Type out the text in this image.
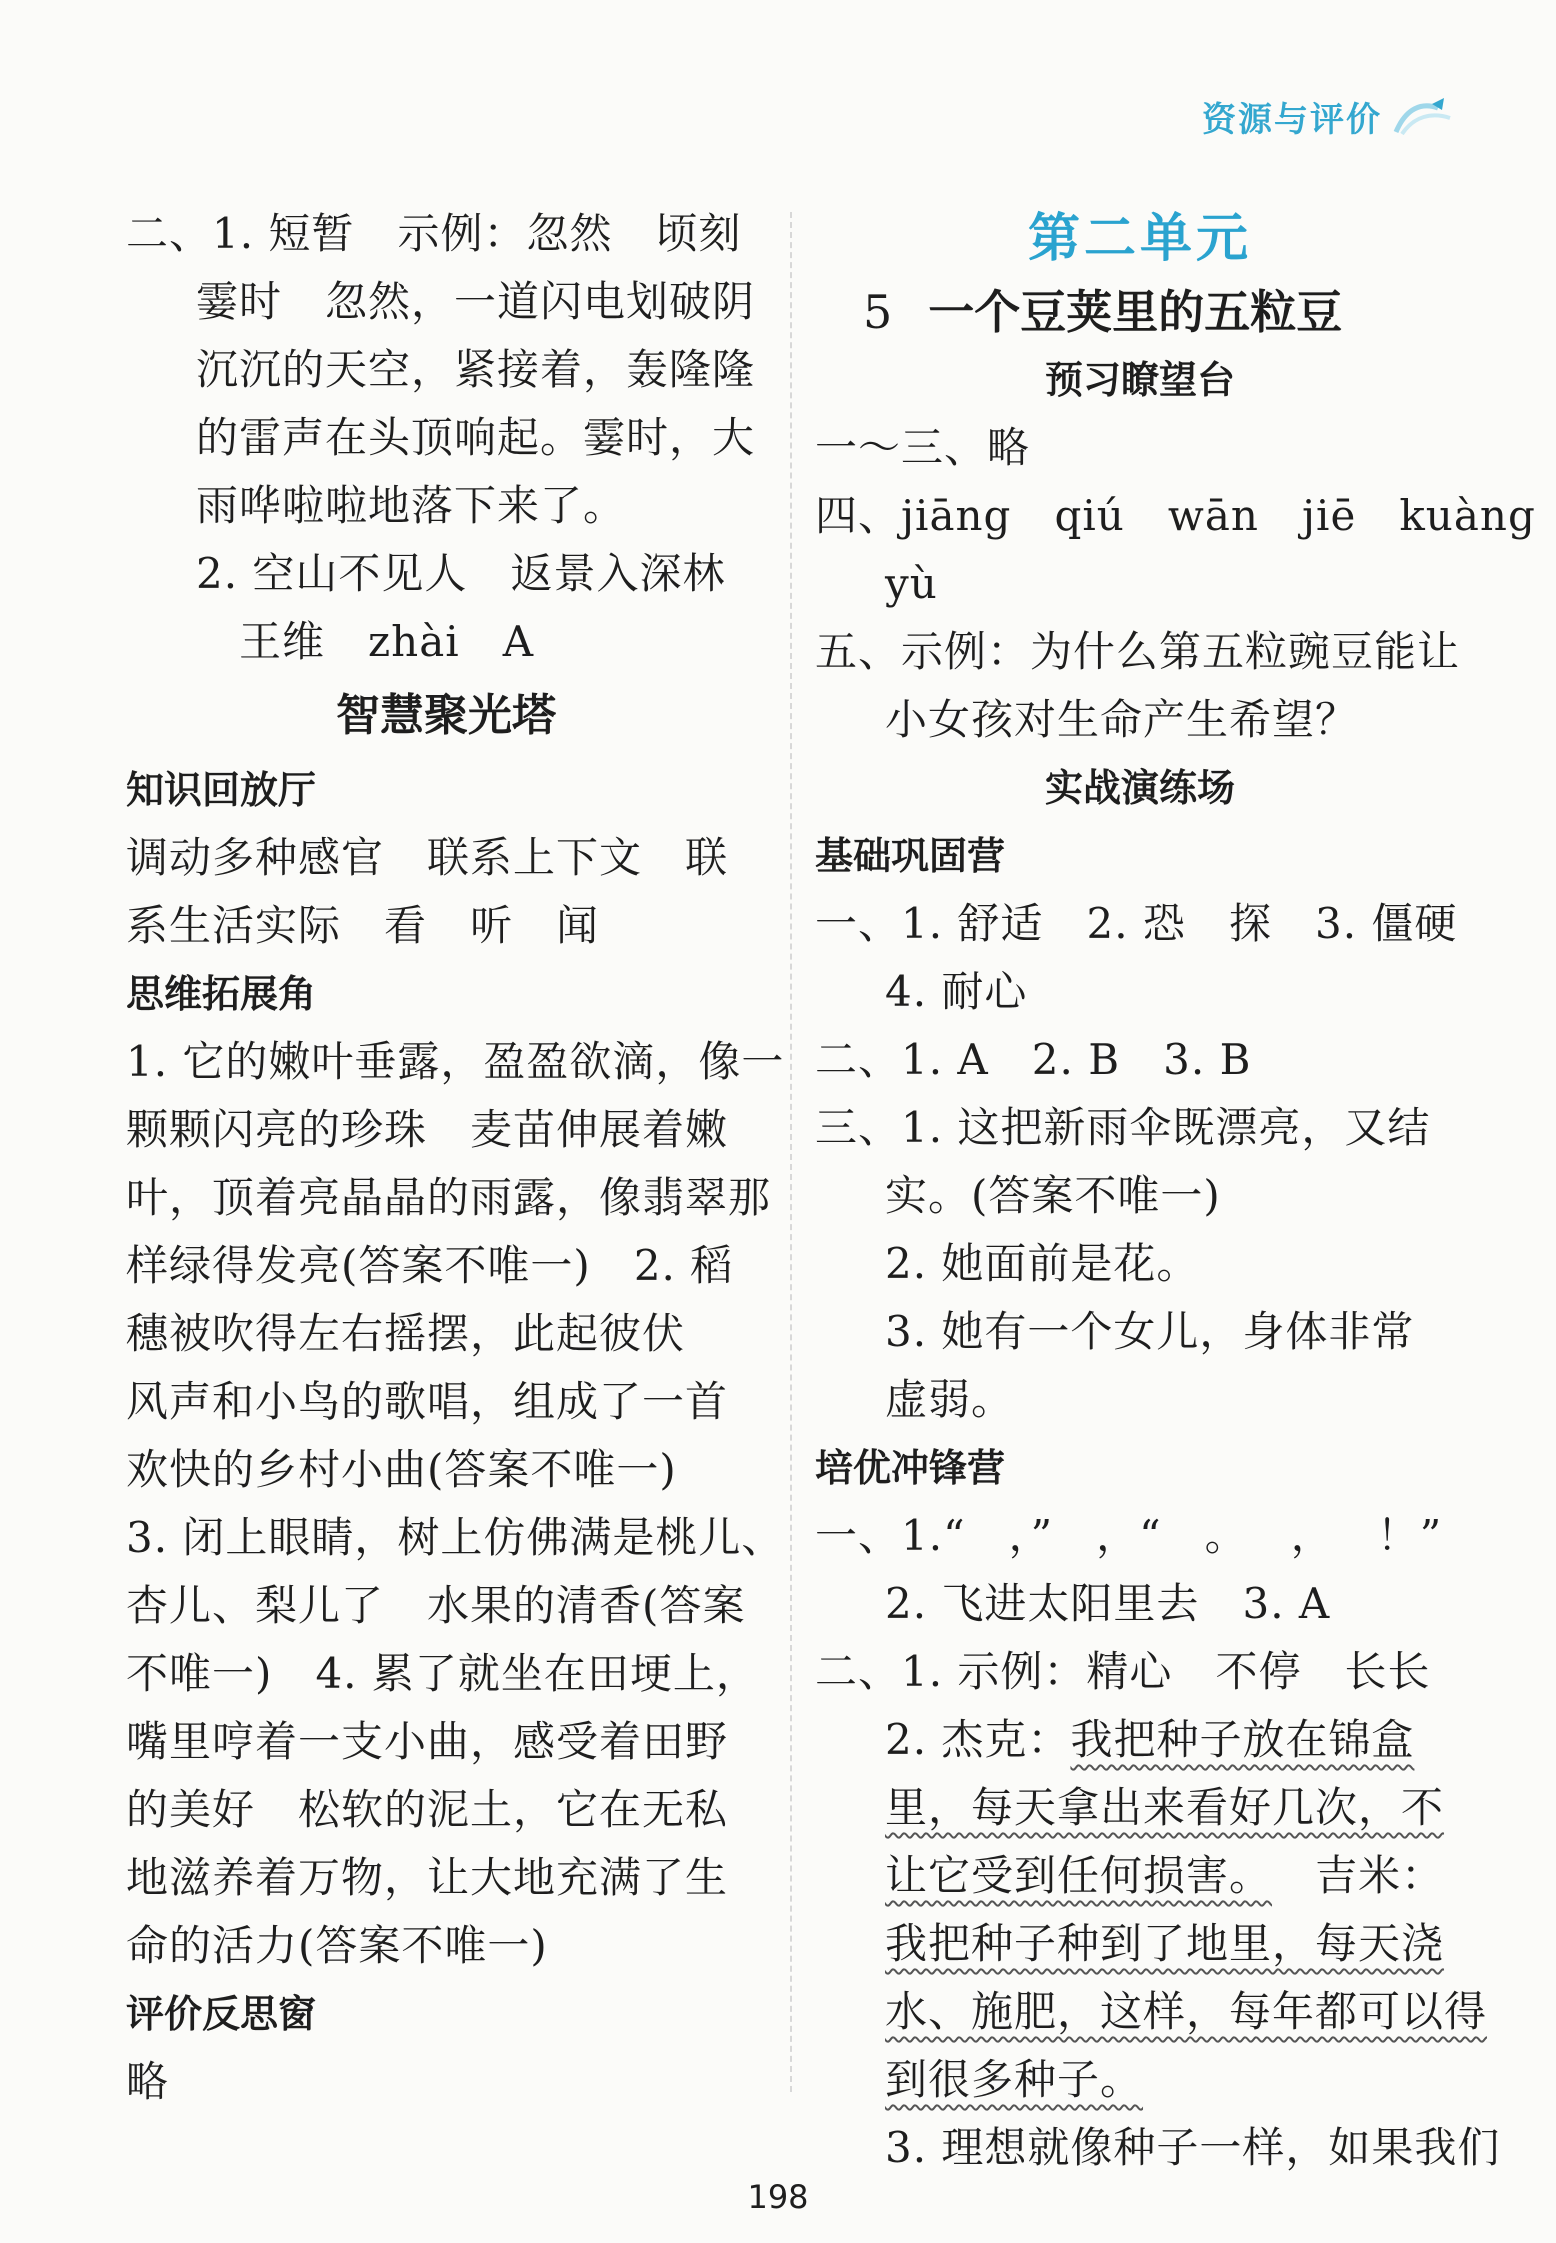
资源与评价
二、1. 短暂   示例：忽然   顷刻
霎时   忽然，一道闪电划破阴
沉沉的天空，紧接着，轰隆隆
的雷声在头顶响起。霎时，大
雨哗啦啦地落下来了。
2. 空山不见人   返景入深林
王维   zhài   A
智慧聚光塔
知识回放厅
调动多种感官   联系上下文   联
系生活实际   看   听   闻
思维拓展角
1. 它的嫩叶垂露，盈盈欲滴，像一
颗颗闪亮的珍珠   麦苗伸展着嫩
叶，顶着亮晶晶的雨露，像翡翠那
样绿得发亮(答案不唯一)   2. 稻
穗被吹得左右摇摆，此起彼伏
风声和小鸟的歌唱，组成了一首
欢快的乡村小曲(答案不唯一)
3. 闭上眼睛，树上仿佛满是桃儿、
杏儿、梨儿了   水果的清香(答案
不唯一)   4. 累了就坐在田埂上，
嘴里哼着一支小曲，感受着田野
的美好   松软的泥土，它在无私
地滋养着万物，让大地充满了生
命的活力(答案不唯一)
评价反思窗
略
第二单元
5 一个豆荚里的五粒豆
预习瞭望台
一～三、略
四、jiāng   qiú   wān   jiē   kuàng
yù
五、示例：为什么第五粒豌豆能让
小女孩对生命产生希望？
实战演练场
基础巩固营
一、1. 舒适   2. 恐   探   3. 僵硬
4. 耐心
二、1. A   2. B   3. B
三、1. 这把新雨伞既漂亮，又结
实。(答案不唯一)
2. 她面前是花。
3. 她有一个女儿，身体非常
虚弱。
培优冲锋营
一、1.“   ，”   ，“   。   ，   ！”
2. 飞进太阳里去   3. A
二、1. 示例：精心   不停   长长
2. 杰克：我把种子放在锦盒
里，每天拿出来看好几次，不
让它受到任何损害。   吉米：
我把种子种到了地里，每天浇
水、施肥，这样，每年都可以得
到很多种子。
3. 理想就像种子一样，如果我们
198
